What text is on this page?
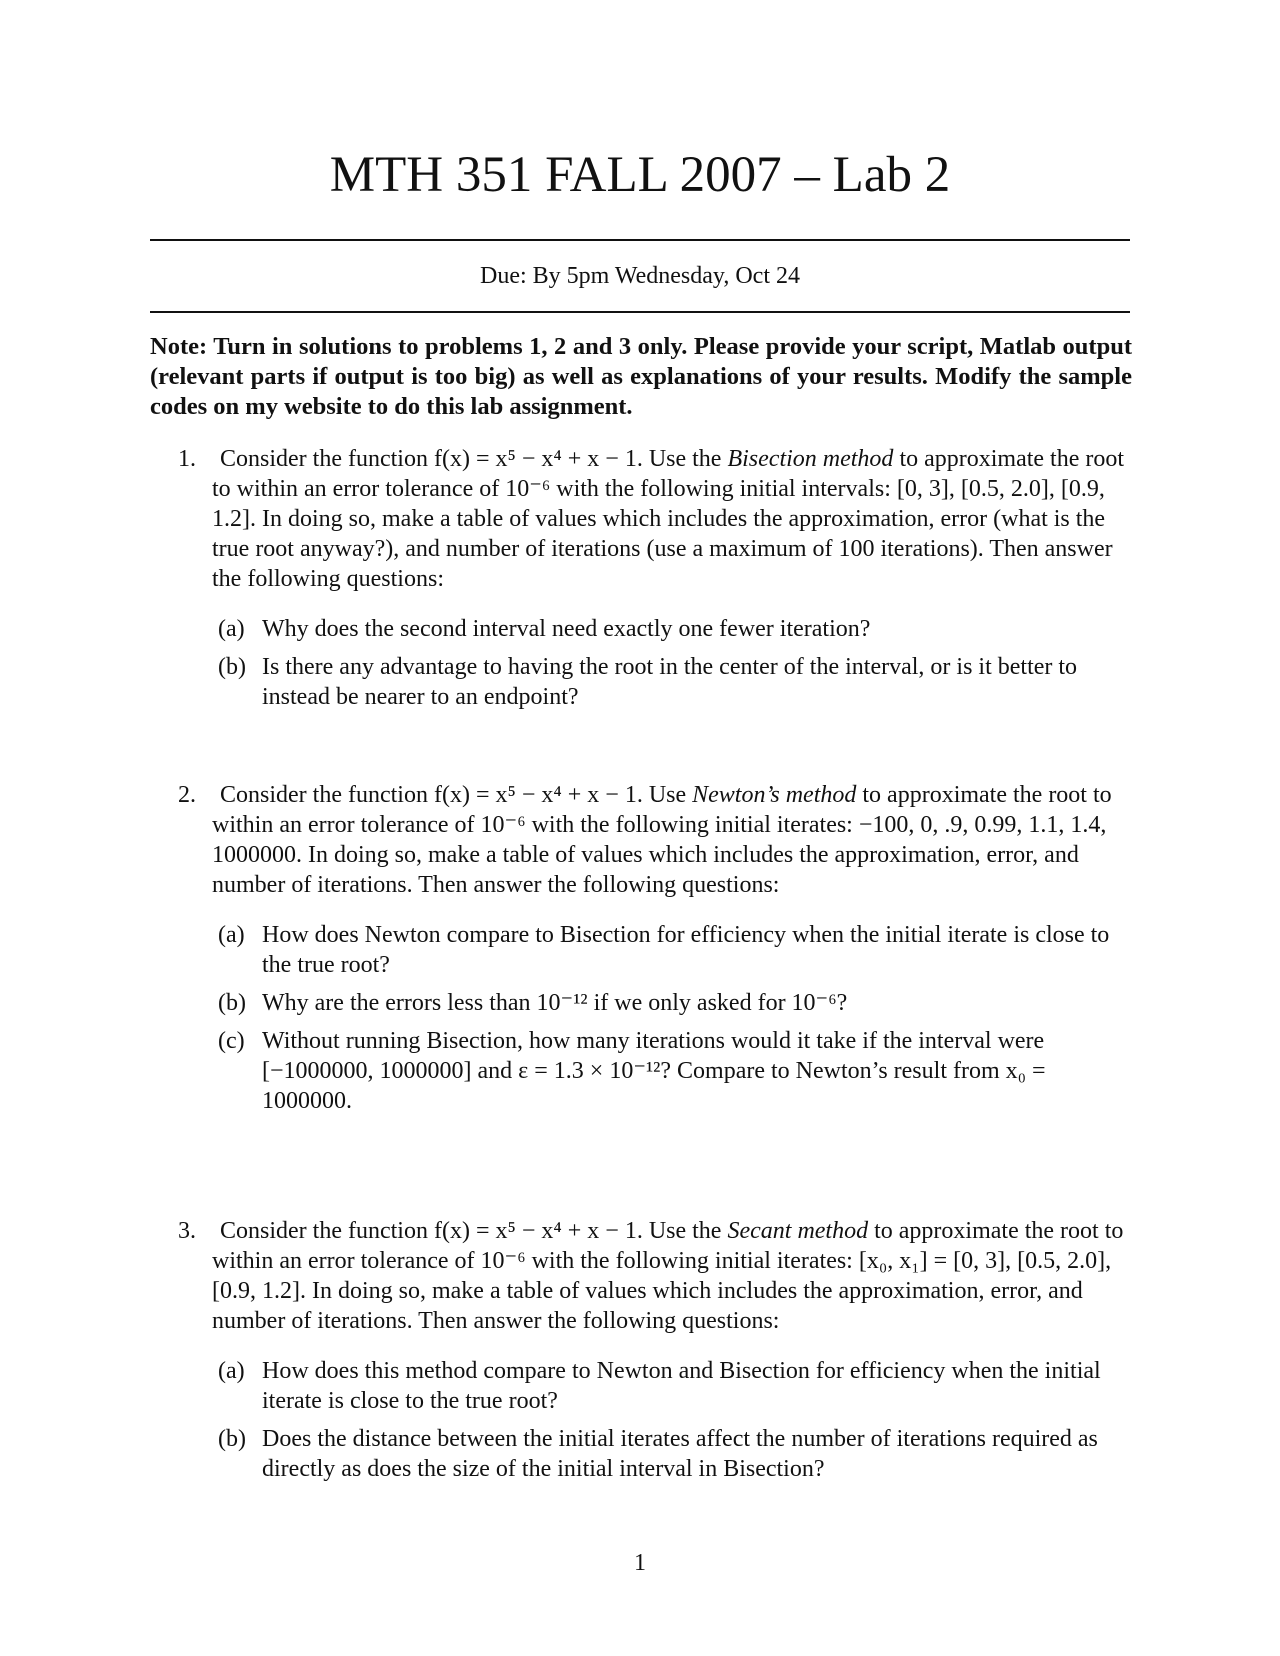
MTH 351 FALL 2007 – Lab 2
Due: By 5pm Wednesday, Oct 24
Note: Turn in solutions to problems 1, 2 and 3 only. Please provide your script, Matlab output (relevant parts if output is too big) as well as explanations of your results. Modify the sample codes on my website to do this lab assignment.
1.	Consider the function f(x) = x⁵ − x⁴ + x − 1. Use the Bisection method to approximate the root to within an error tolerance of 10⁻⁶ with the following initial intervals: [0, 3], [0.5, 2.0], [0.9, 1.2]. In doing so, make a table of values which includes the approximation, error (what is the true root anyway?), and number of iterations (use a maximum of 100 iterations). Then answer the following questions:
(a) Why does the second interval need exactly one fewer iteration?
(b) Is there any advantage to having the root in the center of the interval, or is it better to instead be nearer to an endpoint?
2.	Consider the function f(x) = x⁵ − x⁴ + x − 1. Use Newton’s method to approximate the root to within an error tolerance of 10⁻⁶ with the following initial iterates: −100, 0, .9, 0.99, 1.1, 1.4, 1000000. In doing so, make a table of values which includes the approximation, error, and number of iterations. Then answer the following questions:
(a) How does Newton compare to Bisection for efficiency when the initial iterate is close to the true root?
(b) Why are the errors less than 10⁻¹² if we only asked for 10⁻⁶?
(c) Without running Bisection, how many iterations would it take if the interval were [−1000000, 1000000] and ε = 1.3 × 10⁻¹²? Compare to Newton’s result from x₀ = 1000000.
3.	Consider the function f(x) = x⁵ − x⁴ + x − 1. Use the Secant method to approximate the root to within an error tolerance of 10⁻⁶ with the following initial iterates: [x₀, x₁] = [0, 3], [0.5, 2.0], [0.9, 1.2]. In doing so, make a table of values which includes the approximation, error, and number of iterations. Then answer the following questions:
(a) How does this method compare to Newton and Bisection for efficiency when the initial iterate is close to the true root?
(b) Does the distance between the initial iterates affect the number of iterations required as directly as does the size of the initial interval in Bisection?
1
